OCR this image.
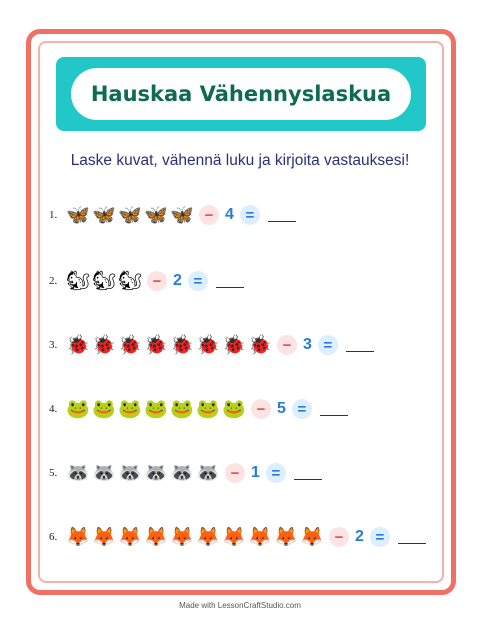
Hauskaa Vähennyslaskua
Laske kuvat, vähennä luku ja kirjoita vastauksesi!
1. 🦋 🦋 🦋 🦋 🦋 − 4 =
2. 🐿 🐿 🐿 − 2 =
3. 🐞 🐞 🐞 🐞 🐞 🐞 🐞 🐞 − 3 =
4. 🐸 🐸 🐸 🐸 🐸 🐸 🐸 − 5 =
5. 🦝 🦝 🦝 🦝 🦝 🦝 − 1 =
6. 🦊 🦊 🦊 🦊 🦊 🦊 🦊 🦊 🦊 🦊 − 2 =
Made with LessonCraftStudio.com
